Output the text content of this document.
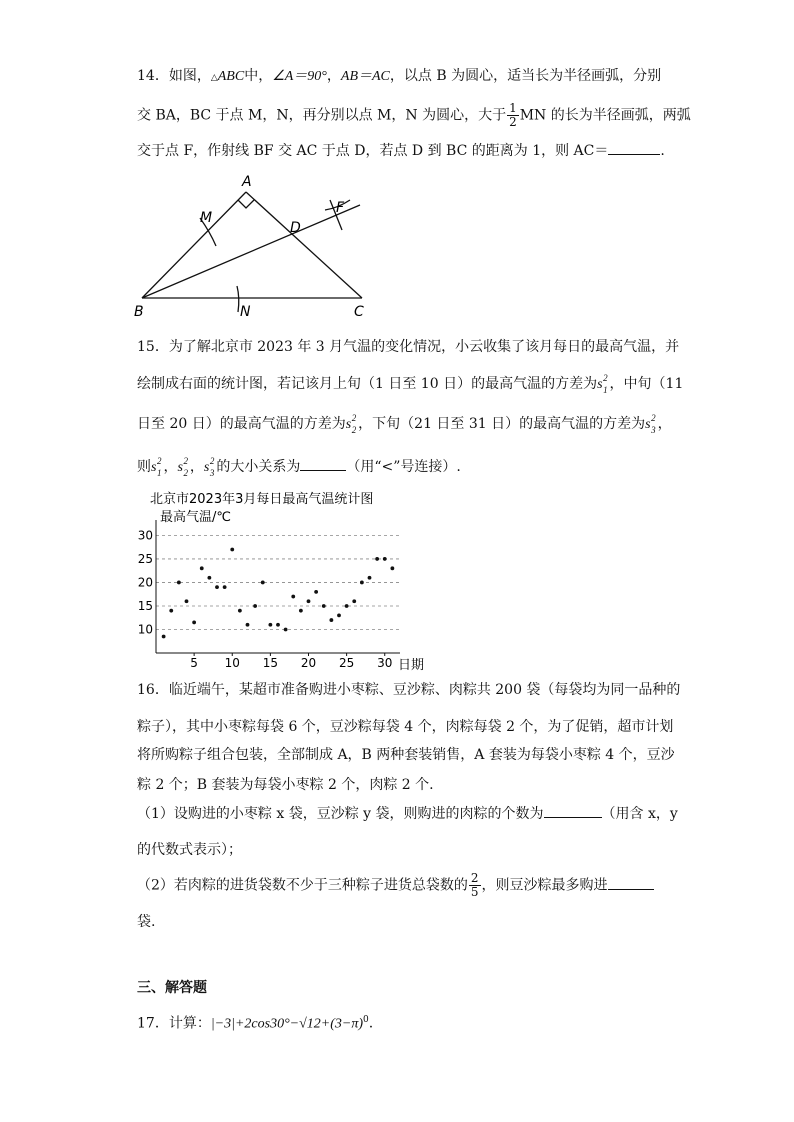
14．如图，△ABC中，∠A＝90°，AB＝AC，以点 B 为圆心，适当长为半径画弧，分别
交 BA，BC 于点 M，N，再分别以点 M，N 为圆心，大于 $\frac{1}{2}$ MN 的长为半径画弧，两弧
交于点 F，作射线 BF 交 AC 于点 D，若点 D 到 BC 的距离为 1，则 AC＝	.
A
M
D
F
B	N	C
15．为了解北京市 2023 年 3 月气温的变化情况，小云收集了该月每日的最高气温，并
绘制成右面的统计图，若记该月上旬（1 日至 10 日）的最高气温的方差为s 2
1 ，中旬（11
日至 20 日）的最高气温的方差为s 2
2 ，下旬（21 日至 31 日）的最高气温的方差为s 2
3 ，
则s 2
1 ，s 2
2 ，s 2
3 的大小关系为	（用“<”号连接）.
北京市2023年3月每日最高气温统计图
最高气温/℃
日期
10
15
20
25
30
5 10 15 20 25 30
16．临近端午，某超市准备购进小枣粽、豆沙粽、肉粽共 200 袋（每袋均为同一品种的
粽子），其中小枣粽每袋 6 个，豆沙粽每袋 4 个，肉粽每袋 2 个，为了促销，超市计划
将所购粽子组合包装，全部制成 A，B 两种套装销售，A 套装为每袋小枣粽 4 个，豆沙
粽 2 个；B 套装为每袋小枣粽 2 个，肉粽 2 个.
（1）设购进的小枣粽 x 袋，豆沙粽 y 袋，则购进的肉粽的个数为	（用含 x，y
的代数式表示）；
（2）若肉粽的进货袋数不少于三种粽子进货总袋数的 $\frac{2}{5}$ ，则豆沙粽最多购进
袋.
三、解答题
17．计算：$|-3|+2\cos 30^\circ-√12+(3-\pi)^0$.
